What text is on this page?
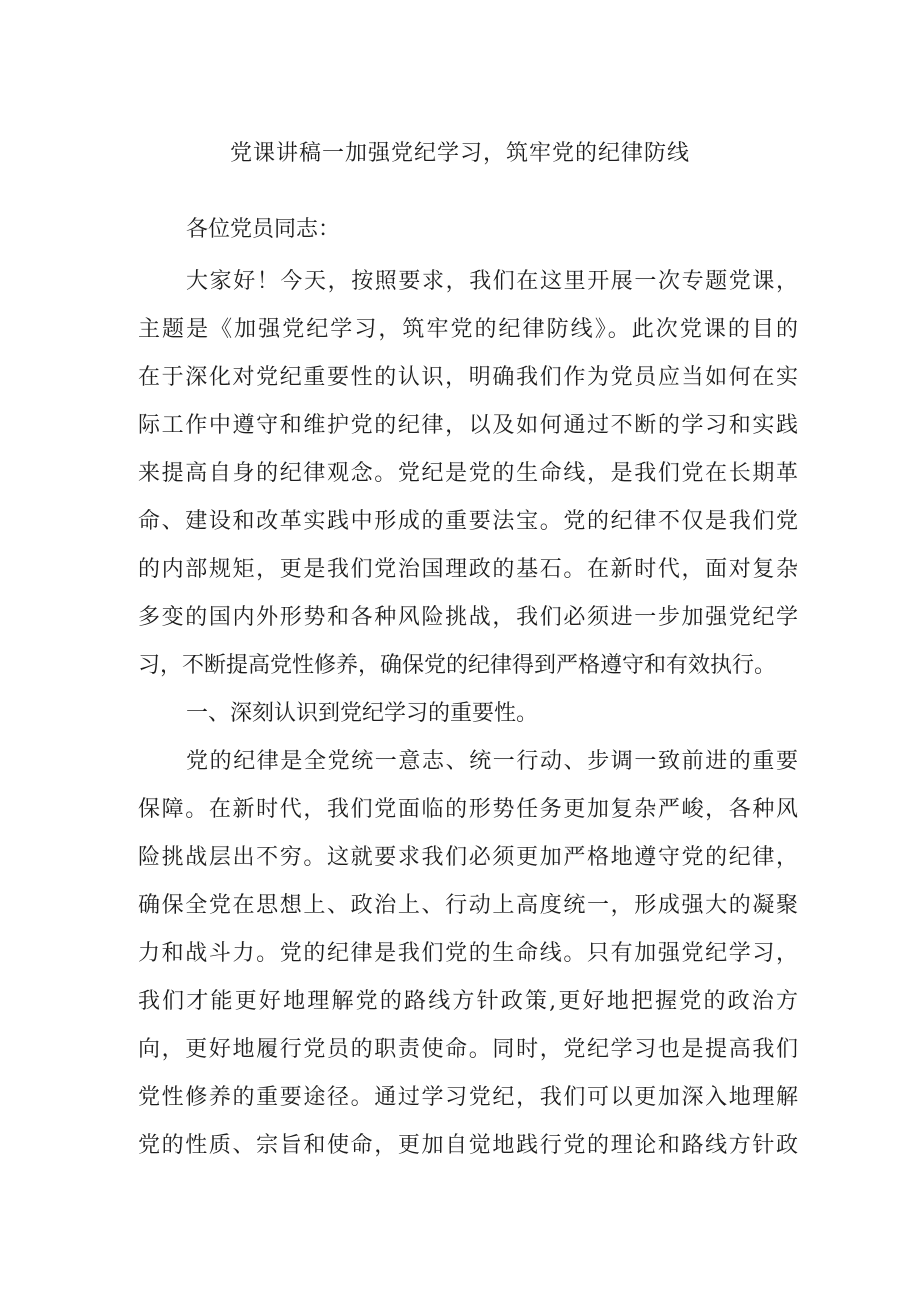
党课讲稿一加强党纪学习，筑牢党的纪律防线
各位党员同志：
大家好！今天，按照要求，我们在这里开展一次专题党课，
主题是《加强党纪学习，筑牢党的纪律防线》。此次党课的目的
在于深化对党纪重要性的认识，明确我们作为党员应当如何在实
际工作中遵守和维护党的纪律，以及如何通过不断的学习和实践
来提高自身的纪律观念。党纪是党的生命线，是我们党在长期革
命、建设和改革实践中形成的重要法宝。党的纪律不仅是我们党
的内部规矩，更是我们党治国理政的基石。在新时代，面对复杂
多变的国内外形势和各种风险挑战，我们必须进一步加强党纪学
习，不断提高党性修养，确保党的纪律得到严格遵守和有效执行。
一、深刻认识到党纪学习的重要性。
党的纪律是全党统一意志、统一行动、步调一致前进的重要
保障。在新时代，我们党面临的形势任务更加复杂严峻，各种风
险挑战层出不穷。这就要求我们必须更加严格地遵守党的纪律，
确保全党在思想上、政治上、行动上高度统一，形成强大的凝聚
力和战斗力。党的纪律是我们党的生命线。只有加强党纪学习，
我们才能更好地理解党的路线方针政策,更好地把握党的政治方
向，更好地履行党员的职责使命。同时，党纪学习也是提高我们
党性修养的重要途径。通过学习党纪，我们可以更加深入地理解
党的性质、宗旨和使命，更加自觉地践行党的理论和路线方针政
